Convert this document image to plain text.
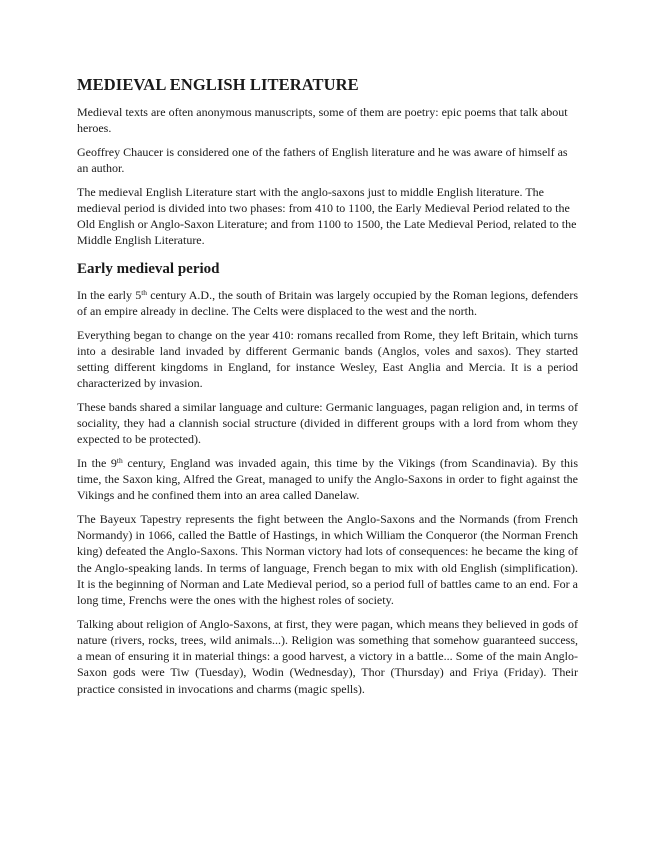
MEDIEVAL ENGLISH LITERATURE

Medieval texts are often anonymous manuscripts, some of them are poetry: epic poems that talk about heroes.

Geoffrey Chaucer is considered one of the fathers of English literature and he was aware of himself as an author.

The medieval English Literature start with the anglo-saxons just to middle English literature. The medieval period is divided into two phases: from 410 to 1100, the Early Medieval Period related to the Old English or Anglo-Saxon Literature; and from 1100 to 1500, the Late Medieval Period, related to the Middle English Literature.

Early medieval period

In the early 5th century A.D., the south of Britain was largely occupied by the Roman legions, defenders of an empire already in decline. The Celts were displaced to the west and the north.

Everything began to change on the year 410: romans recalled from Rome, they left Britain, which turns into a desirable land invaded by different Germanic bands (Anglos, voles and saxos). They started setting different kingdoms in England, for instance Wesley, East Anglia and Mercia. It is a period characterized by invasion.

These bands shared a similar language and culture: Germanic languages, pagan religion and, in terms of sociality, they had a clannish social structure (divided in different groups with a lord from whom they expected to be protected).

In the 9th century, England was invaded again, this time by the Vikings (from Scandinavia). By this time, the Saxon king, Alfred the Great, managed to unify the Anglo-Saxons in order to fight against the Vikings and he confined them into an area called Danelaw.

The Bayeux Tapestry represents the fight between the Anglo-Saxons and the Normands (from French Normandy) in 1066, called the Battle of Hastings, in which William the Conqueror (the Norman French king) defeated the Anglo-Saxons. This Norman victory had lots of consequences: he became the king of the Anglo-speaking lands. In terms of language, French began to mix with old English (simplification). It is the beginning of Norman and Late Medieval period, so a period full of battles came to an end. For a long time, Frenchs were the ones with the highest roles of society.

Talking about religion of Anglo-Saxons, at first, they were pagan, which means they believed in gods of nature (rivers, rocks, trees, wild animals...). Religion was something that somehow guaranteed success, a mean of ensuring it in material things: a good harvest, a victory in a battle... Some of the main Anglo-Saxon gods were Tiw (Tuesday), Wodin (Wednesday), Thor (Thursday) and Friya (Friday). Their practice consisted in invocations and charms (magic spells).
